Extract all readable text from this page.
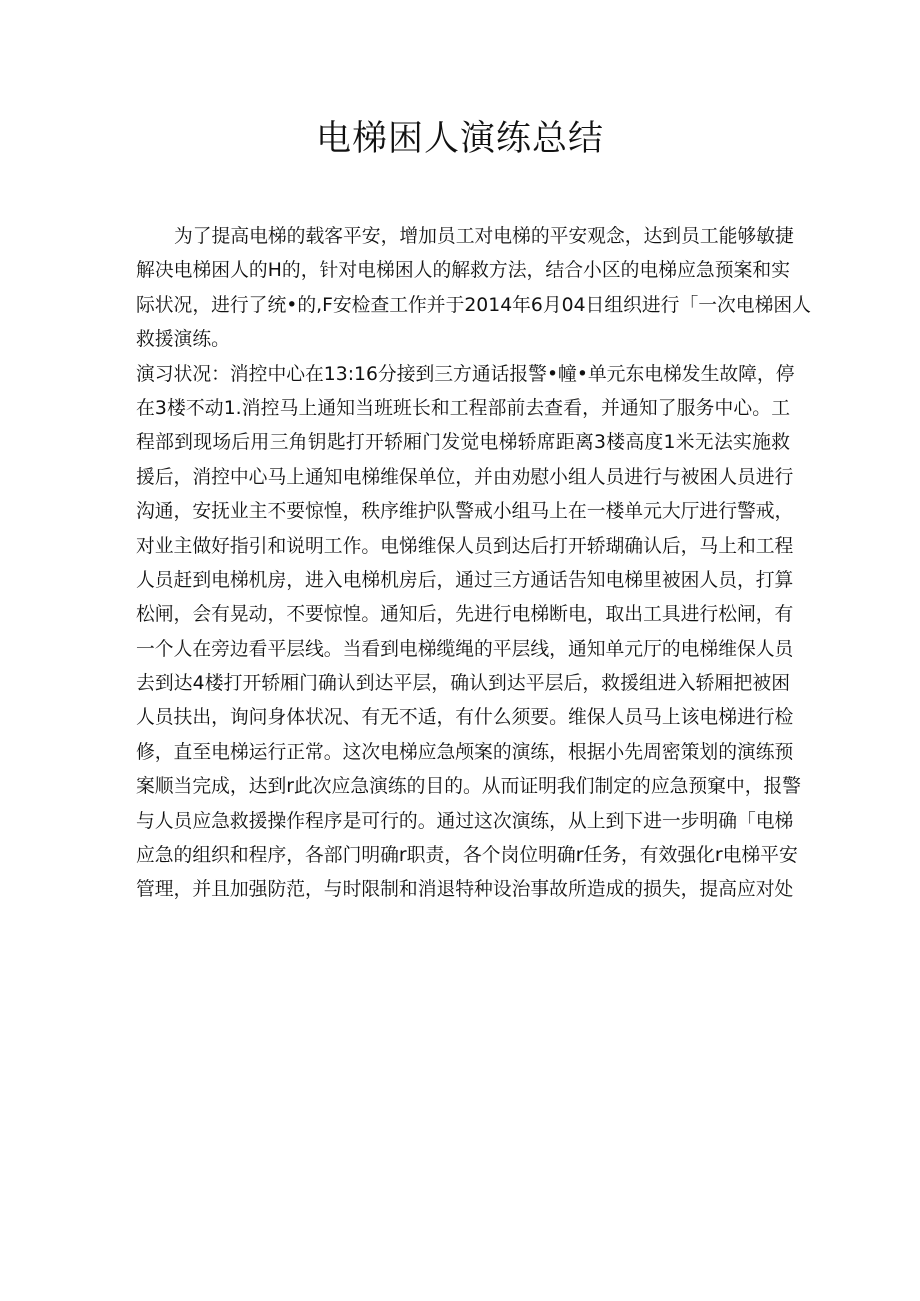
电梯困人演练总结
为了提高电梯的载客平安，增加员工对电梯的平安观念，达到员工能够敏捷
解决电梯困人的H的，针对电梯困人的解救方法，结合小区的电梯应急预案和实
际状况，进行了统•的,F安检查工作并于2014年6月04日组织进行「一次电梯困人
救援演练。
演习状况：消控中心在13:16分接到三方通话报警•幢•单元东电梯发生故障，停
在3楼不动1.消控马上通知当班班长和工程部前去查看，并通知了服务中心。工
程部到现场后用三角钥匙打开轿厢门发觉电梯轿席距离3楼高度1米无法实施救
援后，消控中心马上通知电梯维保单位，并由劝慰小组人员进行与被困人员进行
沟通，安抚业主不要惊惶，秩序维护队警戒小组马上在一楼单元大厅进行警戒，
对业主做好指引和说明工作。电悌维保人员到达后打开轿瑚确认后，马上和工程
人员赶到电梯机房，进入电梯机房后，通过三方通话告知电梯里被困人员，打算
松闸，会有晃动，不要惊惶。通知后，先进行电梯断电，取出工具进行松闸，有
一个人在旁边看平层线。当看到电梯缆绳的平层线，通知单元厅的电梯维保人员
去到达4楼打开轿厢门确认到达平层，确认到达平层后，救援组进入轿厢把被困
人员扶出，询问身体状况、有无不适，有什么须要。维保人员马上该电梯进行检
修，直至电梯运行正常。这次电梯应急颅案的演练，根据小先周密策划的演练预
案顺当完成，达到r此次应急演练的目的。从而证明我们制定的应急预窠中，报警
与人员应急救援操作程序是可行的。通过这次演练，从上到下进一步明确「电梯
应急的组织和程序，各部门明确r职责，各个岗位明确r任务，有效强化r电梯平安
管理，并且加强防范，与时限制和消退特种设治事故所造成的损失，提高应对处
